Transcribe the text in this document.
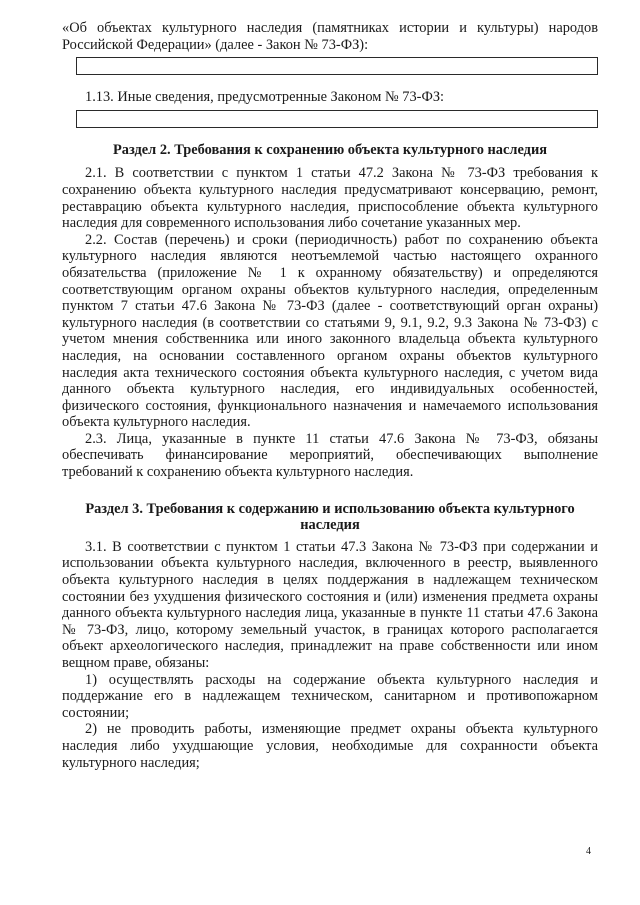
«Об объектах культурного наследия (памятниках истории и культуры) народов Российской Федерации» (далее - Закон № 73-ФЗ):

1.13. Иные сведения, предусмотренные Законом № 73-ФЗ:

Раздел 2. Требования к сохранению объекта культурного наследия

2.1. В соответствии с пунктом 1 статьи 47.2 Закона № 73-ФЗ требования к сохранению объекта культурного наследия предусматривают консервацию, ремонт, реставрацию объекта культурного наследия, приспособление объекта культурного наследия для современного использования либо сочетание указанных мер.

2.2. Состав (перечень) и сроки (периодичность) работ по сохранению объекта культурного наследия являются неотъемлемой частью настоящего охранного обязательства (приложение № 1 к охранному обязательству) и определяются соответствующим органом охраны объектов культурного наследия, определенным пунктом 7 статьи 47.6 Закона № 73-ФЗ (далее - соответствующий орган охраны) культурного наследия (в соответствии со статьями 9, 9.1, 9.2, 9.3 Закона № 73-ФЗ) с учетом мнения собственника или иного законного владельца объекта культурного наследия, на основании составленного органом охраны объектов культурного наследия акта технического состояния объекта культурного наследия, с учетом вида данного объекта культурного наследия, его индивидуальных особенностей, физического состояния, функционального назначения и намечаемого использования объекта культурного наследия.

2.3. Лица, указанные в пункте 11 статьи 47.6 Закона № 73-ФЗ, обязаны обеспечивать финансирование мероприятий, обеспечивающих выполнение требований к сохранению объекта культурного наследия.

Раздел 3. Требования к содержанию и использованию объекта культурного наследия

3.1. В соответствии с пунктом 1 статьи 47.3 Закона № 73-ФЗ при содержании и использовании объекта культурного наследия, включенного в реестр, выявленного объекта культурного наследия в целях поддержания в надлежащем техническом состоянии без ухудшения физического состояния и (или) изменения предмета охраны данного объекта культурного наследия лица, указанные в пункте 11 статьи 47.6 Закона № 73-ФЗ, лицо, которому земельный участок, в границах которого располагается объект археологического наследия, принадлежит на праве собственности или ином вещном праве, обязаны:

1) осуществлять расходы на содержание объекта культурного наследия и поддержание его в надлежащем техническом, санитарном и противопожарном состоянии;

2) не проводить работы, изменяющие предмет охраны объекта культурного наследия либо ухудшающие условия, необходимые для сохранности объекта культурного наследия;

4
